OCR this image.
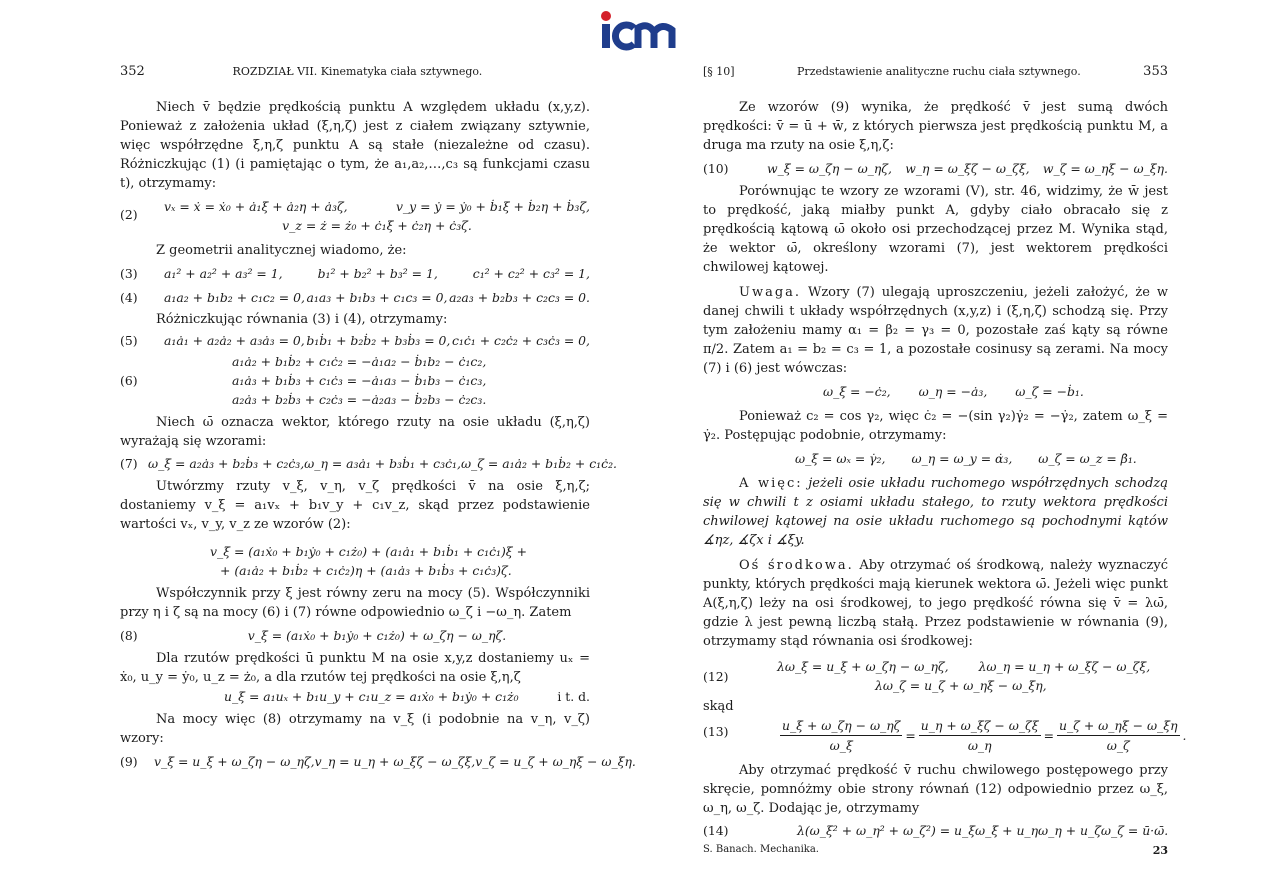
352	ROZDZIAŁ VII. Kinematyka ciała sztywnego.

Niech v̄ będzie prędkością punktu A względem układu (x,y,z). Ponieważ z założenia układ (ξ,η,ζ) jest z ciałem związany sztywnie, więc współrzędne ξ,η,ζ punktu A są stałe (niezależne od czasu). Różniczkując (1) (i pamiętając o tym, że a₁,a₂,…,c₃ są funkcjami czasu t), otrzymamy:

(2)
vₓ = ẋ = ẋ₀ + ȧ₁ξ + ȧ₂η + ȧ₃ζ,	v_y = ẏ = ẏ₀ + ḃ₁ξ + ḃ₂η + ḃ₃ζ,
v_z = ż = ż₀ + ċ₁ξ + ċ₂η + ċ₃ζ.

Z geometrii analitycznej wiadomo, że:

(3)	a₁² + a₂² + a₃² = 1,	b₁² + b₂² + b₃² = 1,	c₁² + c₂² + c₃² = 1,
(4)	a₁a₂ + b₁b₂ + c₁c₂ = 0, a₁a₃ + b₁b₃ + c₁c₃ = 0, a₂a₃ + b₂b₃ + c₂c₃ = 0.

Różniczkując równania (3) i (4), otrzymamy:

(5)	a₁ȧ₁ + a₂ȧ₂ + a₃ȧ₃ = 0, b₁ḃ₁ + b₂ḃ₂ + b₃ḃ₃ = 0, c₁ċ₁ + c₂ċ₂ + c₃ċ₃ = 0,
(6)
a₁ȧ₂ + b₁ḃ₂ + c₁ċ₂ = −ȧ₁a₂ − ḃ₁b₂ − ċ₁c₂,
a₁ȧ₃ + b₁ḃ₃ + c₁ċ₃ = −ȧ₁a₃ − ḃ₁b₃ − ċ₁c₃,
a₂ȧ₃ + b₂ḃ₃ + c₂ċ₃ = −ȧ₂a₃ − ḃ₂b₃ − ċ₂c₃.

Niech ω̄ oznacza wektor, którego rzuty na osie układu (ξ,η,ζ) wyrażają się wzorami:

(7) ω_ξ = a₂ȧ₃ + b₂ḃ₃ + c₂ċ₃, ω_η = a₃ȧ₁ + b₃ḃ₁ + c₃ċ₁, ω_ζ = a₁ȧ₂ + b₁ḃ₂ + c₁ċ₂.

Utwórzmy rzuty v_ξ, v_η, v_ζ prędkości v̄ na osie ξ,η,ζ; dostaniemy v_ξ = a₁vₓ + b₁v_y + c₁v_z, skąd przez podstawienie wartości vₓ, v_y, v_z ze wzorów (2):

v_ξ = (a₁ẋ₀ + b₁ẏ₀ + c₁ż₀) + (a₁ȧ₁ + b₁ḃ₁ + c₁ċ₁)ξ +
+ (a₁ȧ₂ + b₁ḃ₂ + c₁ċ₂)η + (a₁ȧ₃ + b₁ḃ₃ + c₁ċ₃)ζ.

Współczynnik przy ξ jest równy zeru na mocy (5). Współczynniki przy η i ζ są na mocy (6) i (7) równe odpowiednio ω_ζ i −ω_η. Zatem

(8)	v_ξ = (a₁ẋ₀ + b₁ẏ₀ + c₁ż₀) + ω_ζη − ω_ηζ.

Dla rzutów prędkości ū punktu M na osie x,y,z dostaniemy uₓ = ẋ₀, u_y = ẏ₀, u_z = ż₀, a dla rzutów tej prędkości na osie ξ,η,ζ

u_ξ = a₁uₓ + b₁u_y + c₁u_z = a₁ẋ₀ + b₁ẏ₀ + c₁ż₀	i t. d.

Na mocy więc (8) otrzymamy na v_ξ (i podobnie na v_η, v_ζ) wzory:

(9)	v_ξ = u_ξ + ω_ζη − ω_ηζ, v_η = u_η + ω_ξζ − ω_ζξ, v_ζ = u_ζ + ω_ηξ − ω_ξη.
[§ 10]	Przedstawienie analityczne ruchu ciała sztywnego.	353

Ze wzorów (9) wynika, że prędkość v̄ jest sumą dwóch prędkości: v̄ = ū + w̄, z których pierwsza jest prędkością punktu M, a druga ma rzuty na osie ξ,η,ζ:

(10)	w_ξ = ω_ζη − ω_ηζ, w_η = ω_ξζ − ω_ζξ, w_ζ = ω_ηξ − ω_ξη.

Porównując te wzory ze wzorami (V), str. 46, widzimy, że w̄ jest to prędkość, jaką miałby punkt A, gdyby ciało obracało się z prędkością kątową ω̄ około osi przechodzącej przez M. Wynika stąd, że wektor ω̄, określony wzorami (7), jest wektorem prędkości chwilowej kątowej.

Uwaga. Wzory (7) ulegają uproszczeniu, jeżeli założyć, że w danej chwili t układy współrzędnych (x,y,z) i (ξ,η,ζ) schodzą się. Przy tym założeniu mamy α₁ = β₂ = γ₃ = 0, pozostałe zaś kąty są równe π/2. Zatem a₁ = b₂ = c₃ = 1, a pozostałe cosinusy są zerami. Na mocy (7) i (6) jest wówczas:

ω_ξ = −ċ₂, ω_η = −ȧ₃, ω_ζ = −ḃ₁.

Ponieważ c₂ = cos γ₂, więc ċ₂ = −(sin γ₂)γ̇₂ = −γ̇₂, zatem ω_ξ = γ̇₂. Postępując podobnie, otrzymamy:

ω_ξ = ωₓ = γ̇₂, ω_η = ω_y = α̇₃, ω_ζ = ω_z = β̇₁.

A więc: jeżeli osie układu ruchomego współrzędnych schodzą się w chwili t z osiami układu stałego, to rzuty wektora prędkości chwilowej kątowej na osie układu ruchomego są pochodnymi kątów ∡ηz, ∡ζx i ∡ξy.

Oś środkowa. Aby otrzymać oś środkową, należy wyznaczyć punkty, których prędkości mają kierunek wektora ω̄. Jeżeli więc punkt A(ξ,η,ζ) leży na osi środkowej, to jego prędkość równa się v̄ = λω̄, gdzie λ jest pewną liczbą stałą. Przez podstawienie w równania (9), otrzymamy stąd równania osi środkowej:

(12)
λω_ξ = u_ξ + ω_ζη − ω_ηζ, λω_η = u_η + ω_ξζ − ω_ζξ,
λω_ζ = u_ζ + ω_ηξ − ω_ξη,

skąd

(13)	$\frac{u\_\xi + \omega\_\zeta\eta - \omega\_\eta\zeta}{\omega\_\xi} = \frac{u\_\eta + \omega\_\xi\zeta - \omega\_\zeta\xi}{\omega\_\eta} = \frac{u\_\zeta + \omega\_\eta\xi - \omega\_\xi\eta}{\omega\_\zeta}$ .

Aby otrzymać prędkość v̄ ruchu chwilowego postępowego przy skręcie, pomnóżmy obie strony równań (12) odpowiednio przez ω_ξ, ω_η, ω_ζ. Dodając je, otrzymamy

(14)	λ(ω_ξ² + ω_η² + ω_ζ²) = u_ξω_ξ + u_ηω_η + u_ζω_ζ = ū·ω̄.
S. Banach. Mechanika.	23
